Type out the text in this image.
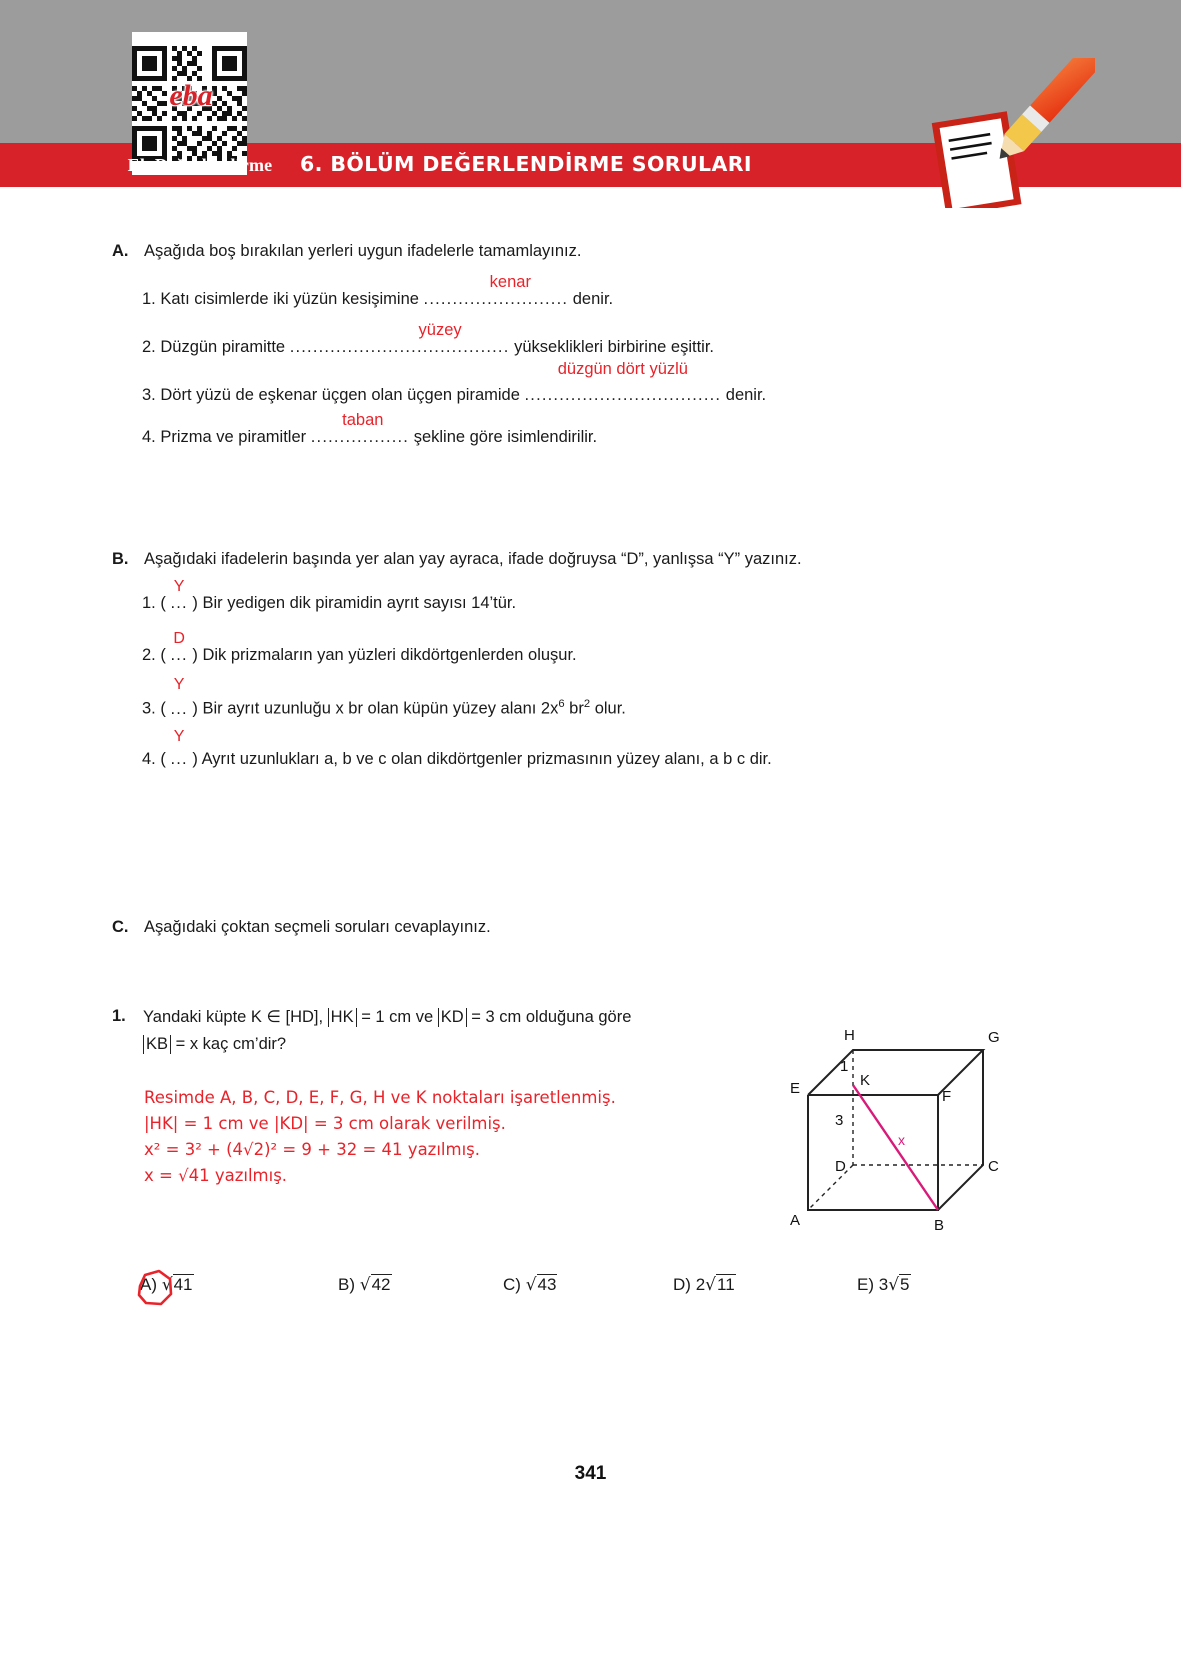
eba
Ek Değerlendirme	6. BÖLÜM DEĞERLENDİRME SORULARI
A. Aşağıda boş bırakılan yerleri uygun ifadelerle tamamlayınız.
1. Katı cisimlerde iki yüzün kesişimine .....
kenar
.................... denir.
2. Düzgün piramitte ..............
yüzey
........................ yükseklikleri birbirine eşittir.
3. Dört yüzü de eşkenar üçgen olan üçgen piramide
düzgün dört yüzlü
.................................. denir.
4. Prizma ve piramitler .
taban
................ şekline göre isimlendirilir.
B. Aşağıdaki ifadelerin başında yer alan yay ayraca, ifade doğruysa “D”, yanlışsa “Y” yazınız.
1. (
Y
... ) Bir yedigen dik piramidin ayrıt sayısı 14’tür.
2. (
D
... ) Dik prizmaların yan yüzleri dikdörtgenlerden oluşur.
3. (
Y
... ) Bir ayrıt uzunluğu x br olan küpün yüzey alanı $2x^6$ $br^2$ olur.
4. (
Y
... ) Ayrıt uzunlukları a, b ve c olan dikdörtgenler prizmasının yüzey alanı, a b c dir.
C. Aşağıdaki çoktan seçmeli soruları cevaplayınız.
1. Yandaki küpte K ∈ [HD], HK = 1 cm ve KD = 3 cm olduğuna göre
KB = x kaç cm’dir?
Resimde A, B, C, D, E, F, G, H ve K noktaları işaretlenmiş.
|HK| = 1 cm ve |KD| = 3 cm olarak verilmiş.
x² = 3² + (4√2)² = 9 + 32 = 41 yazılmış.
x = √41 yazılmış.
H	G
E	F
D	C
A	B
K
1
3
x
A) √41	B) √42	C) √43	D) 2√11	E) 3√5
341
